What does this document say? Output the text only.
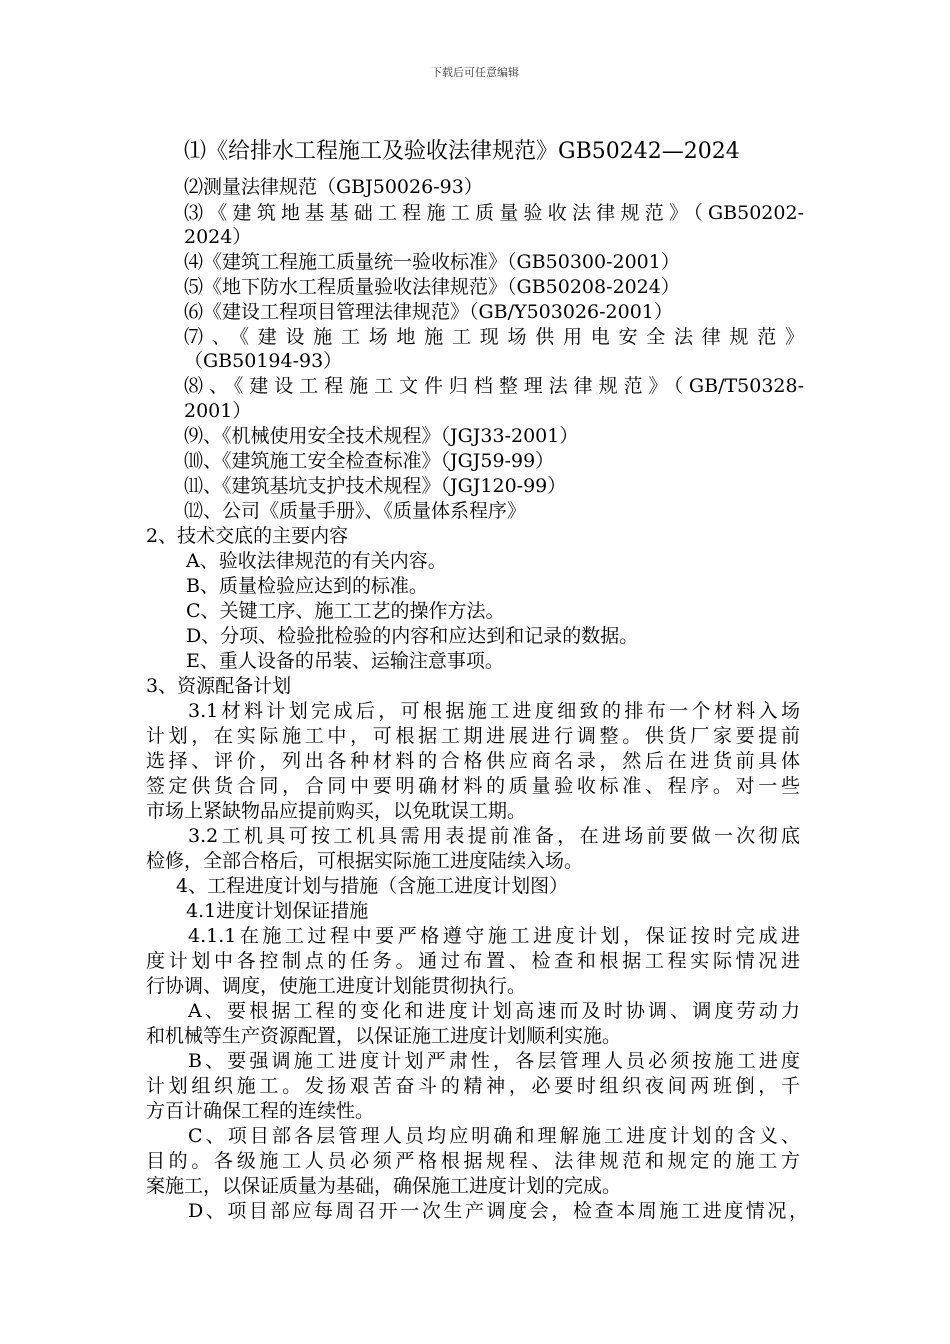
下载后可任意编辑
⑴《给排水工程施工及验收法律规范》GB50242—2024
⑵测量法律规范（GBJ50026-93）
⑶《建筑地基基础工程施工质量验收法律规范》（GB50202-
2024）
⑷《建筑工程施工质量统一验收标准》（GB50300-2001）
⑸《地下防水工程质量验收法律规范》（GB50208-2024）
⑹《建设工程项目管理法律规范》（GB/Y503026-2001）
⑺、《建设施工场地施工现场供用电安全法律规范》
（GB50194-93）
⑻、《建设工程施工文件归档整理法律规范》（GB/T50328-
2001）
⑼、《机械使用安全技术规程》（JGJ33-2001）
⑽、《建筑施工安全检查标准》（JGJ59-99）
⑾、《建筑基坑支护技术规程》（JGJ120-99）
⑿、公司《质量手册》、《质量体系程序》
2、技术交底的主要内容
A、验收法律规范的有关内容。
B、质量检验应达到的标准。
C、关键工序、施工工艺的操作方法。
D、分项、检验批检验的内容和应达到和记录的数据。
E、重人设备的吊装、运输注意事项。
3、资源配备计划
3.1材料计划完成后，可根据施工进度细致的排布一个材料入场
计划，在实际施工中，可根据工期进展进行调整。供货厂家要提前
选择、评价，列出各种材料的合格供应商名录，然后在进货前具体
签定供货合同，合同中要明确材料的质量验收标准、程序。对一些
市场上紧缺物品应提前购买，以免耽误工期。
3.2工机具可按工机具需用表提前准备，在进场前要做一次彻底
检修，全部合格后，可根据实际施工进度陆续入场。
4、工程进度计划与措施（含施工进度计划图）
4.1进度计划保证措施
4.1.1在施工过程中要严格遵守施工进度计划，保证按时完成进
度计划中各控制点的任务。通过布置、检查和根据工程实际情况进
行协调、调度，使施工进度计划能贯彻执行。
A、要根据工程的变化和进度计划高速而及时协调、调度劳动力
和机械等生产资源配置，以保证施工进度计划顺利实施。
B、要强调施工进度计划严肃性，各层管理人员必须按施工进度
计划组织施工。发扬艰苦奋斗的精神，必要时组织夜间两班倒，千
方百计确保工程的连续性。
C、项目部各层管理人员均应明确和理解施工进度计划的含义、
目的。各级施工人员必须严格根据规程、法律规范和规定的施工方
案施工，以保证质量为基础，确保施工进度计划的完成。
D、项目部应每周召开一次生产调度会，检查本周施工进度情况，
